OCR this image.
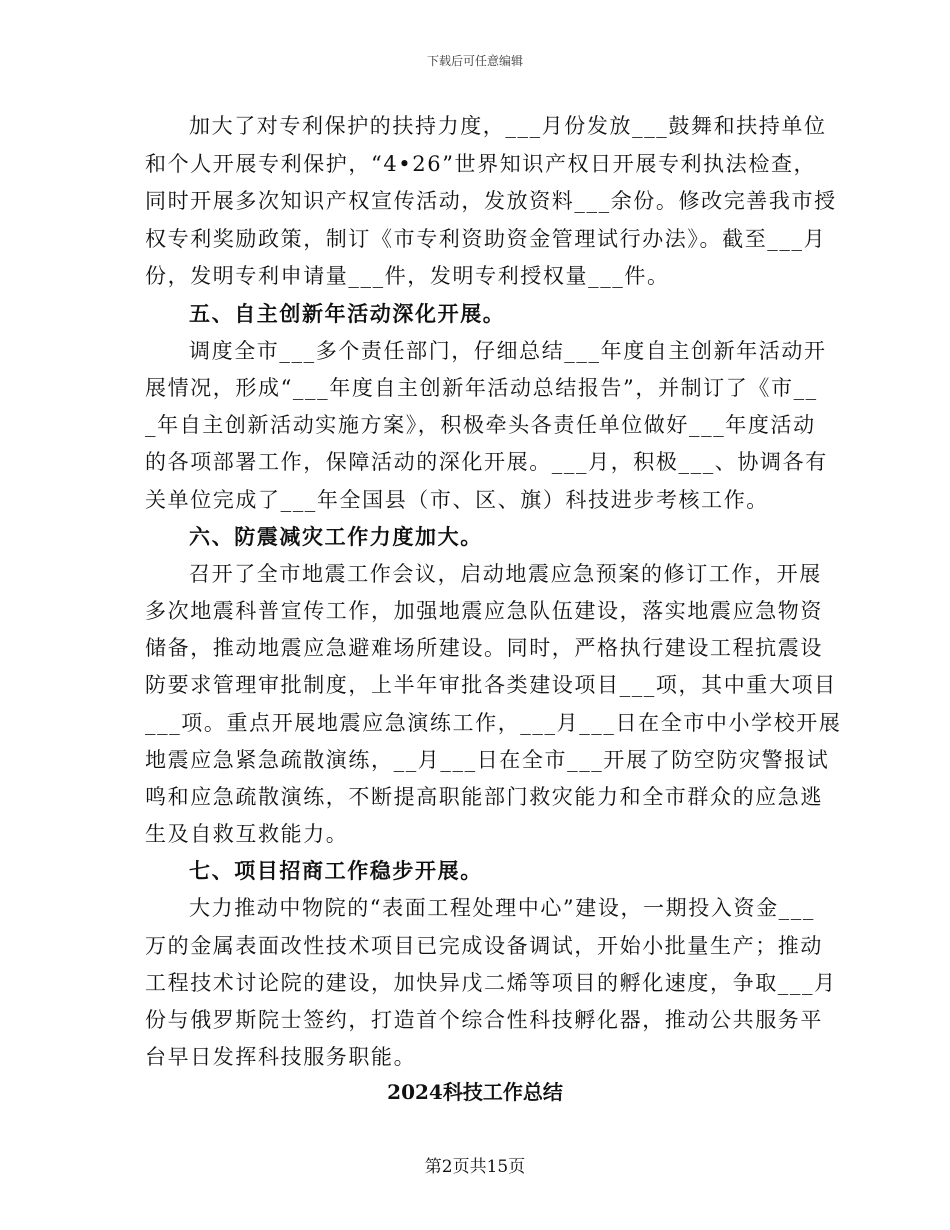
下载后可任意编辑
加大了对专利保护的扶持力度，___月份发放___鼓舞和扶持单位
和个人开展专利保护，“4•26”世界知识产权日开展专利执法检查，
同时开展多次知识产权宣传活动，发放资料___余份。修改完善我市授
权专利奖励政策，制订《市专利资助资金管理试行办法》。截至___月
份，发明专利申请量___件，发明专利授权量___件。
五、自主创新年活动深化开展。
调度全市___多个责任部门，仔细总结___年度自主创新年活动开
展情况，形成“___年度自主创新年活动总结报告”，并制订了《市__
_年自主创新活动实施方案》，积极牵头各责任单位做好___年度活动
的各项部署工作，保障活动的深化开展。___月，积极___、协调各有
关单位完成了___年全国县（市、区、旗）科技进步考核工作。
六、防震减灾工作力度加大。
召开了全市地震工作会议，启动地震应急预案的修订工作，开展
多次地震科普宣传工作，加强地震应急队伍建设，落实地震应急物资
储备，推动地震应急避难场所建设。同时，严格执行建设工程抗震设
防要求管理审批制度，上半年审批各类建设项目___项，其中重大项目
___项。重点开展地震应急演练工作，___月___日在全市中小学校开展
地震应急紧急疏散演练，__月___日在全市___开展了防空防灾警报试
鸣和应急疏散演练，不断提高职能部门救灾能力和全市群众的应急逃
生及自救互救能力。
七、项目招商工作稳步开展。
大力推动中物院的“表面工程处理中心”建设，一期投入资金___
万的金属表面改性技术项目已完成设备调试，开始小批量生产；推动
工程技术讨论院的建设，加快异戊二烯等项目的孵化速度，争取___月
份与俄罗斯院士签约，打造首个综合性科技孵化器，推动公共服务平
台早日发挥科技服务职能。
2024科技工作总结
第2页共15页
